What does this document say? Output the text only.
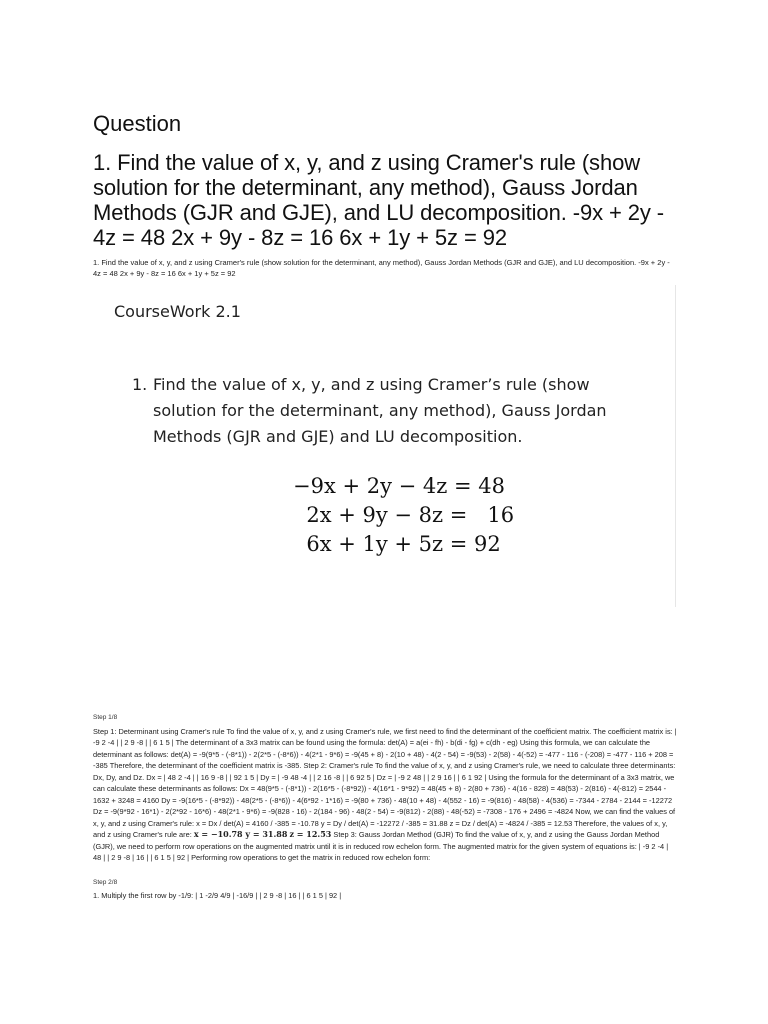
Question
1. Find the value of x, y, and z using Cramer's rule (show solution for the determinant, any method), Gauss Jordan Methods (GJR and GJE), and LU decomposition. -9x + 2y - 4z = 48 2x + 9y - 8z = 16 6x + 1y + 5z = 92
1. Find the value of x, y, and z using Cramer's rule (show solution for the determinant, any method), Gauss Jordan Methods (GJR and GJE), and LU decomposition. -9x + 2y - 4z = 48 2x + 9y - 8z = 16 6x + 1y + 5z = 92
CourseWork 2.1
1. Find the value of x, y, and z using Cramer’s rule (show solution for the determinant, any method), Gauss Jordan Methods (GJR and GJE) and LU decomposition.
−9x + 2y − 4z = 48
2x + 9y − 8z =   16
6x + 1y + 5z = 92
Step 1/8
Step 1: Determinant using Cramer's rule To find the value of x, y, and z using Cramer's rule, we first need to find the determinant of the coefficient matrix. The coefficient matrix is: | -9 2 -4 | | 2 9 -8 | | 6 1 5 | The determinant of a 3x3 matrix can be found using the formula: det(A) = a(ei - fh) - b(di - fg) + c(dh - eg) Using this formula, we can calculate the determinant as follows: det(A) = -9(9*5 - (-8*1)) - 2(2*5 - (-8*6)) - 4(2*1 - 9*6) = -9(45 + 8) - 2(10 + 48) - 4(2 - 54) = -9(53) - 2(58) - 4(-52) = -477 - 116 - (-208) = -477 - 116 + 208 = -385 Therefore, the determinant of the coefficient matrix is -385. Step 2: Cramer's rule To find the value of x, y, and z using Cramer's rule, we need to calculate three determinants: Dx, Dy, and Dz. Dx = | 48 2 -4 | | 16 9 -8 | | 92 1 5 | Dy = | -9 48 -4 | | 2 16 -8 | | 6 92 5 | Dz = | -9 2 48 | | 2 9 16 | | 6 1 92 | Using the formula for the determinant of a 3x3 matrix, we can calculate these determinants as follows: Dx = 48(9*5 - (-8*1)) - 2(16*5 - (-8*92)) - 4(16*1 - 9*92) = 48(45 + 8) - 2(80 + 736) - 4(16 - 828) = 48(53) - 2(816) - 4(-812) = 2544 - 1632 + 3248 = 4160 Dy = -9(16*5 - (-8*92)) - 48(2*5 - (-8*6)) - 4(6*92 - 1*16) = -9(80 + 736) - 48(10 + 48) - 4(552 - 16) = -9(816) - 48(58) - 4(536) = -7344 - 2784 - 2144 = -12272 Dz = -9(9*92 - 16*1) - 2(2*92 - 16*6) - 48(2*1 - 9*6) = -9(828 - 16) - 2(184 - 96) - 48(2 - 54) = -9(812) - 2(88) - 48(-52) = -7308 - 176 + 2496 = -4824 Now, we can find the values of x, y, and z using Cramer's rule: x = Dx / det(A) = 4160 / -385 = -10.78 y = Dy / det(A) = -12272 / -385 = 31.88 z = Dz / det(A) = -4824 / -385 = 12.53 Therefore, the values of x, y, and z using Cramer's rule are: x = −10.78 y = 31.88 z = 12.53 Step 3: Gauss Jordan Method (GJR) To find the value of x, y, and z using the Gauss Jordan Method (GJR), we need to perform row operations on the augmented matrix until it is in reduced row echelon form. The augmented matrix for the given system of equations is: | -9 2 -4 | 48 | | 2 9 -8 | 16 | | 6 1 5 | 92 | Performing row operations to get the matrix in reduced row echelon form:
Step 2/8
1. Multiply the first row by -1/9: | 1 -2/9 4/9 | -16/9 | | 2 9 -8 | 16 | | 6 1 5 | 92 |
